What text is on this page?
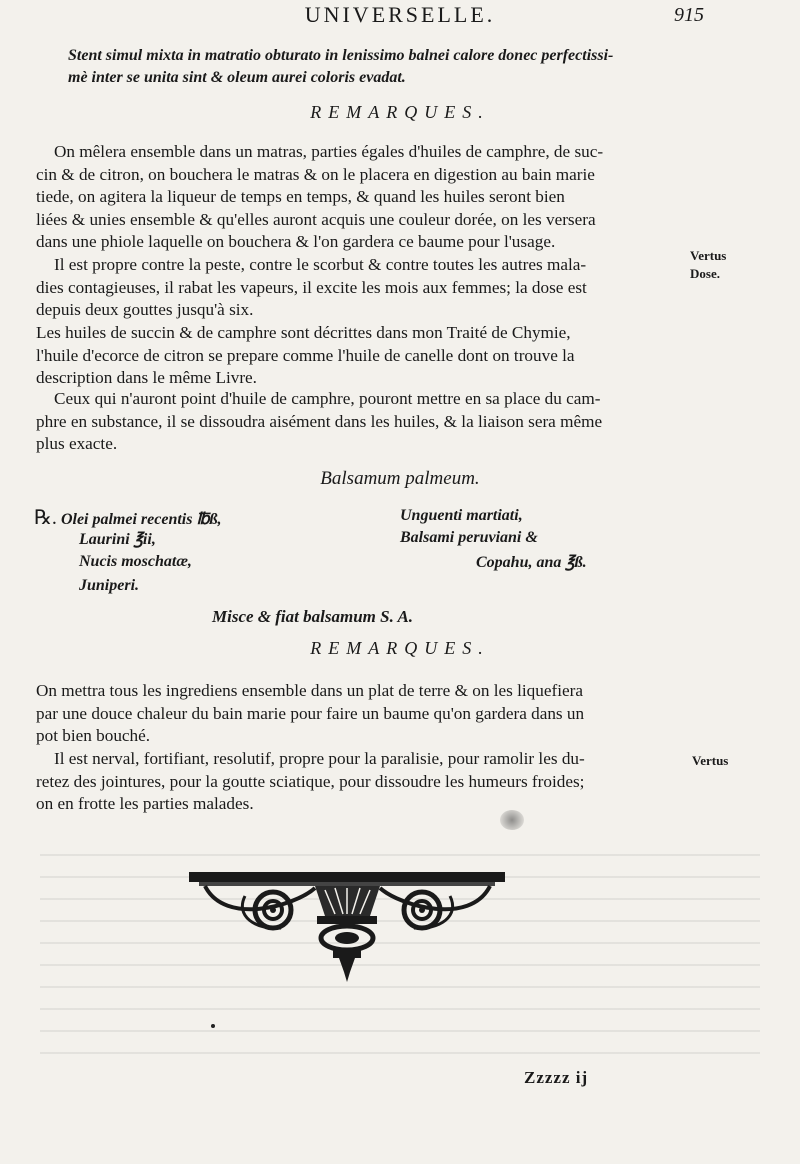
UNIVERSELLE.	915
Stent simul mixta in matratio obturato in lenissimo balnei calore donec perfectissi-
mè inter se unita sint & oleum aurei coloris evadat.
REMARQUES.
On mêlera ensemble dans un matras, parties égales d'huiles de camphre, de suc-
cin & de citron, on bouchera le matras & on le placera en digestion au bain marie
tiede, on agitera la liqueur de temps en temps, & quand les huiles seront bien
liées & unies ensemble & qu'elles auront acquis une couleur dorée, on les versera
dans une phiole laquelle on bouchera & l'on gardera ce baume pour l'usage.
Il est propre contre la peste, contre le scorbut & contre toutes les autres mala-
dies contagieuses, il rabat les vapeurs, il excite les mois aux femmes; la dose est
depuis deux gouttes jusqu'à six.
Les huiles de succin & de camphre sont décrittes dans mon Traité de Chymie,
l'huile d'ecorce de citron se prepare comme l'huile de canelle dont on trouve la
description dans le même Livre.
Ceux qui n'auront point d'huile de camphre, pouront mettre en sa place du cam-
phre en substance, il se dissoudra aisément dans les huiles, & la liaison sera même
plus exacte.
Vertus
Dose.
Balsamum palmeum.
℞. Olei palmei recentis ℔ß,
Laurini ℥ii,
Nucis moschatæ,
Juniperi.
Unguenti martiati,
Balsami peruviani &
Copahu, ana ℥ß.
Misce & fiat balsamum S. A.
REMARQUES.
On mettra tous les ingrediens ensemble dans un plat de terre & on les liquefiera
par une douce chaleur du bain marie pour faire un baume qu'on gardera dans un
pot bien bouché.
Il est nerval, fortifiant, resolutif, propre pour la paralisie, pour ramolir les du-
retez des jointures, pour la goutte sciatique, pour dissoudre les humeurs froides;
on en frotte les parties malades.
Vertus
Zzzzz ij
